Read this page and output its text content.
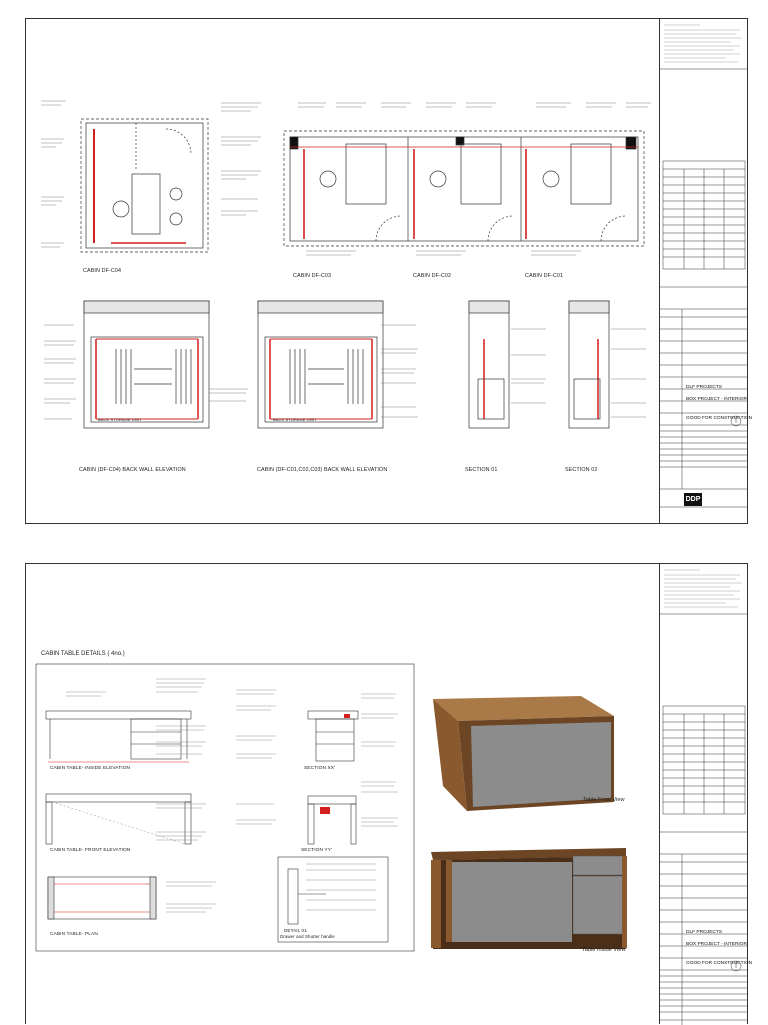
CABIN DF-C04
CABIN DF-C03	CABIN DF-C02	CABIN DF-C01
BACK STORAGE UNIT	BACK STORAGE UNIT
CABIN (DF-C04) BACK WALL ELEVATION	CABIN (DF-C01,C02,C03) BACK WALL ELEVATION	SECTION 01	SECTION 02
DLF PROJECTS
BOX PROJECT - INTERIOR
GOOD FOR CONSTRUCTION
DDP
CABIN TABLE DETAILS ( 4no.)
CABIN TABLE- INSIDE ELEVATION	SECTION XX'
CABIN TABLE- FRONT ELEVATION	SECTION YY'
CABIN TABLE- PLAN
DETAIL 01
Drawer and Shutter handle
Table Front View
Table Inside View
DLF PROJECTS
BOX PROJECT - INTERIOR
GOOD FOR CONSTRUCTION
